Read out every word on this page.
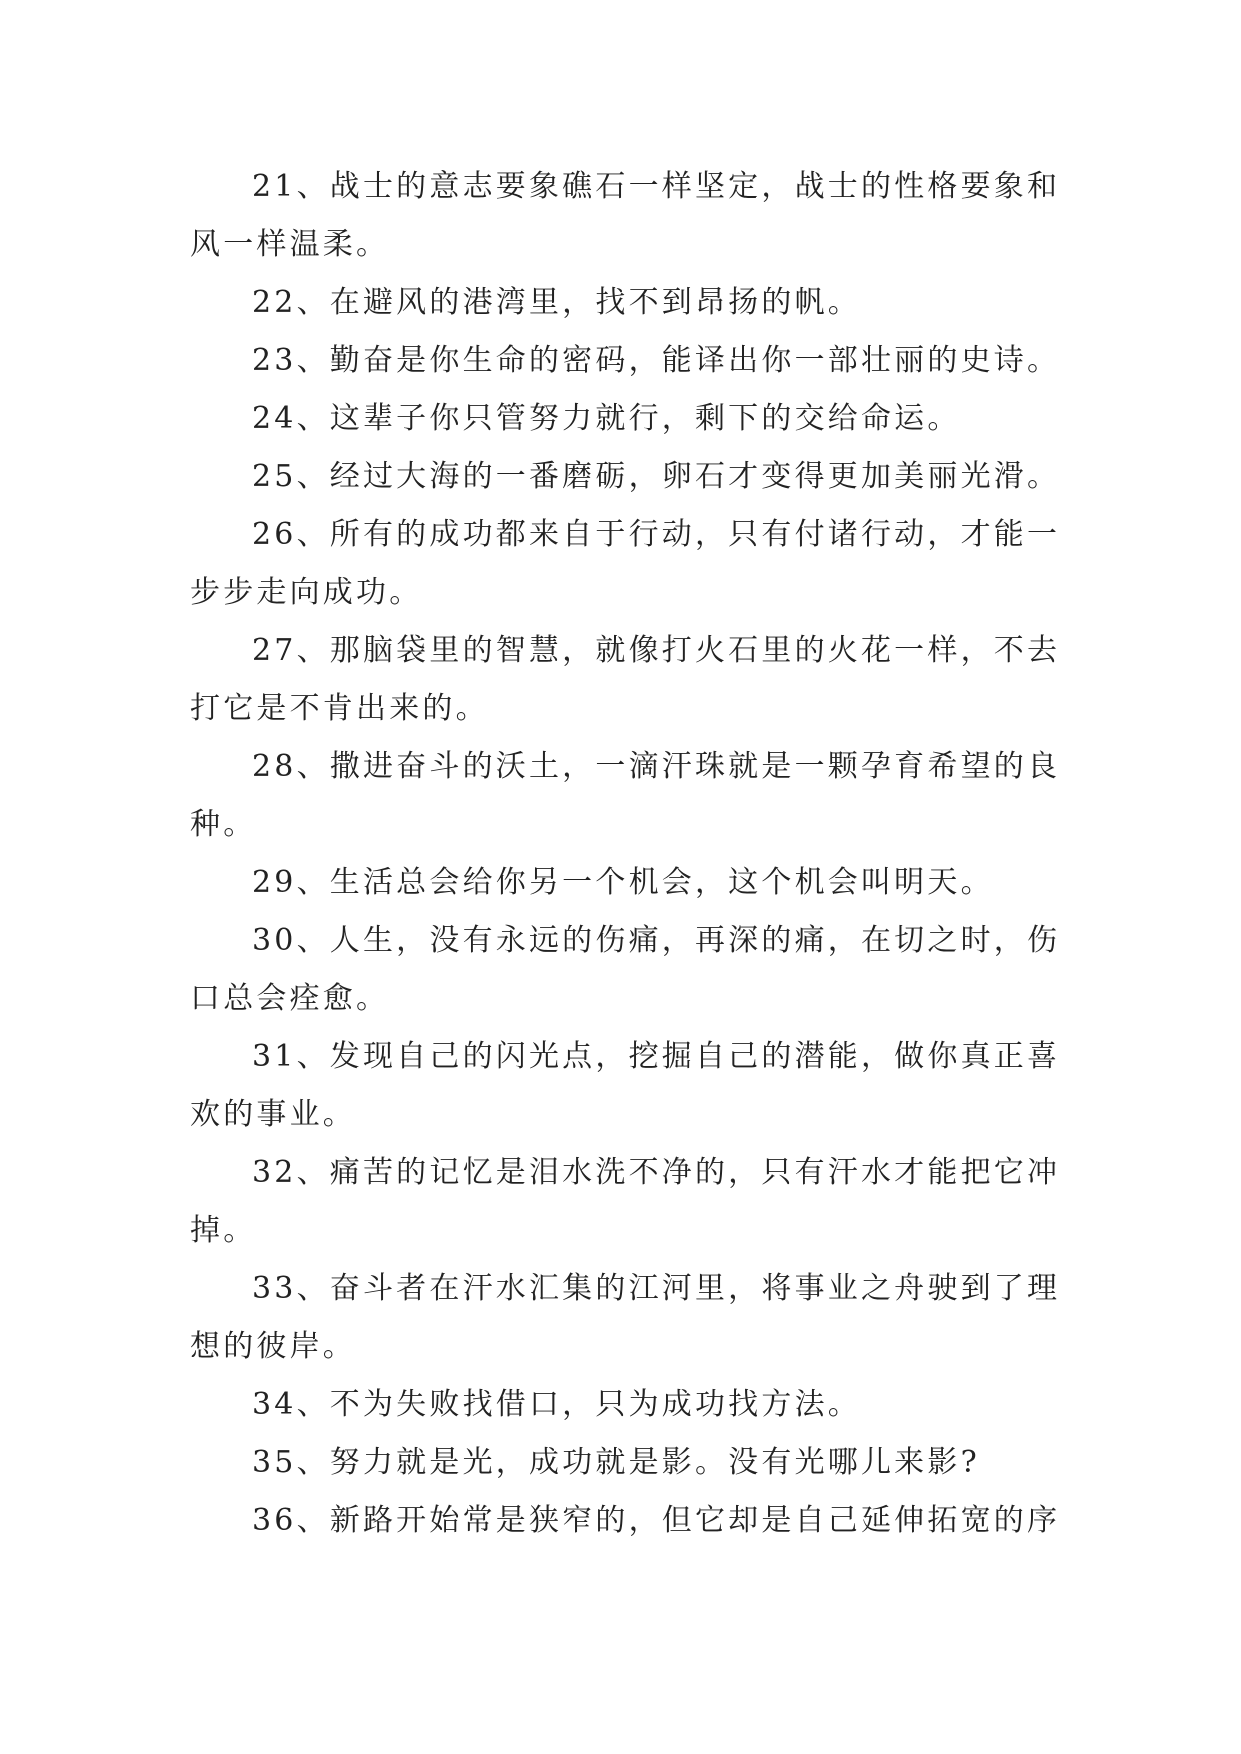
21、战士的意志要象礁石一样坚定，战士的性格要象和风一样温柔。

22、在避风的港湾里，找不到昂扬的帆。

23、勤奋是你生命的密码，能译出你一部壮丽的史诗。

24、这辈子你只管努力就行，剩下的交给命运。

25、经过大海的一番磨砺，卵石才变得更加美丽光滑。

26、所有的成功都来自于行动，只有付诸行动，才能一步步走向成功。

27、那脑袋里的智慧，就像打火石里的火花一样，不去打它是不肯出来的。

28、撒进奋斗的沃土，一滴汗珠就是一颗孕育希望的良种。

29、生活总会给你另一个机会，这个机会叫明天。

30、人生，没有永远的伤痛，再深的痛，在切之时，伤口总会痊愈。

31、发现自己的闪光点，挖掘自己的潜能，做你真正喜欢的事业。

32、痛苦的记忆是泪水洗不净的，只有汗水才能把它冲掉。

33、奋斗者在汗水汇集的江河里，将事业之舟驶到了理想的彼岸。

34、不为失败找借口，只为成功找方法。

35、努力就是光，成功就是影。没有光哪儿来影?

36、新路开始常是狭窄的，但它却是自己延伸拓宽的序
